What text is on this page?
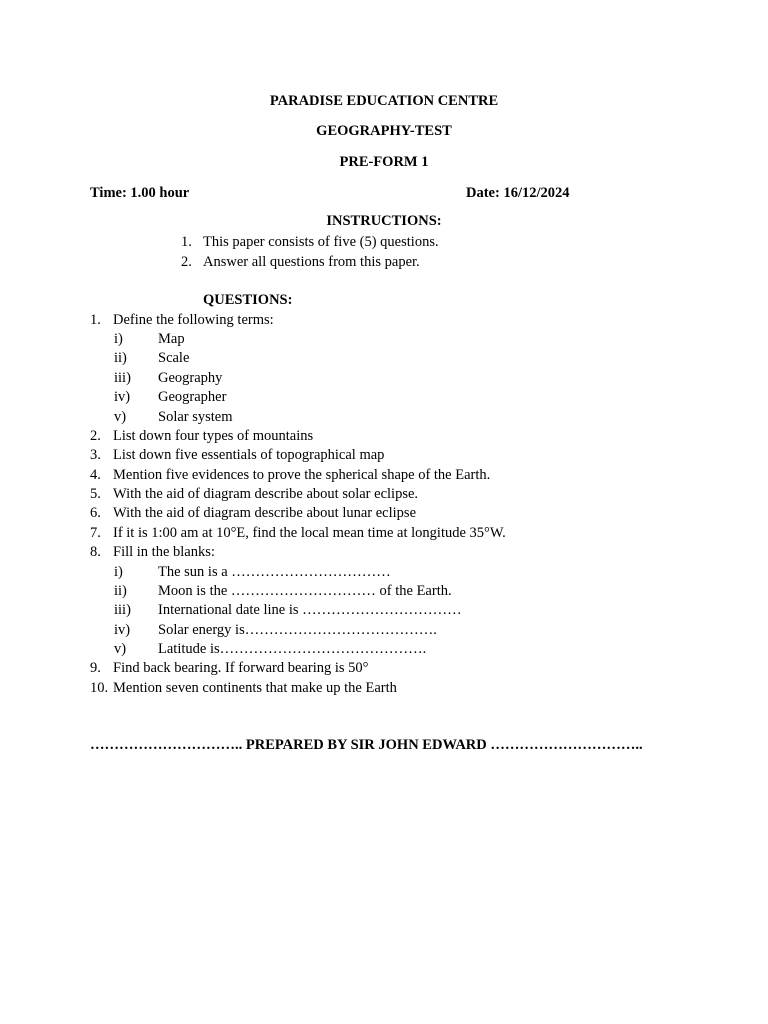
PARADISE EDUCATION CENTRE
GEOGRAPHY-TEST
PRE-FORM 1
Time: 1.00 hour	Date: 16/12/2024
INSTRUCTIONS:
1. This paper consists of five (5) questions.
2. Answer all questions from this paper.
QUESTIONS:
1. Define the following terms:
i) Map
ii) Scale
iii) Geography
iv) Geographer
v) Solar system
2. List down four types of mountains
3. List down five essentials of topographical map
4. Mention five evidences to prove the spherical shape of the Earth.
5. With the aid of diagram describe about solar eclipse.
6. With the aid of diagram describe about lunar eclipse
7. If it is 1:00 am at 10°E, find the local mean time at longitude 35°W.
8. Fill in the blanks:
i) The sun is a ……………………………
ii) Moon is the ………………………… of the Earth.
iii) International date line is ……………………………
iv) Solar energy is………………………………….
v) Latitude is…………………………………….
9. Find back bearing. If forward bearing is 50°
10. Mention seven continents that make up the Earth
………………………….. PREPARED BY SIR JOHN EDWARD …………………………..
